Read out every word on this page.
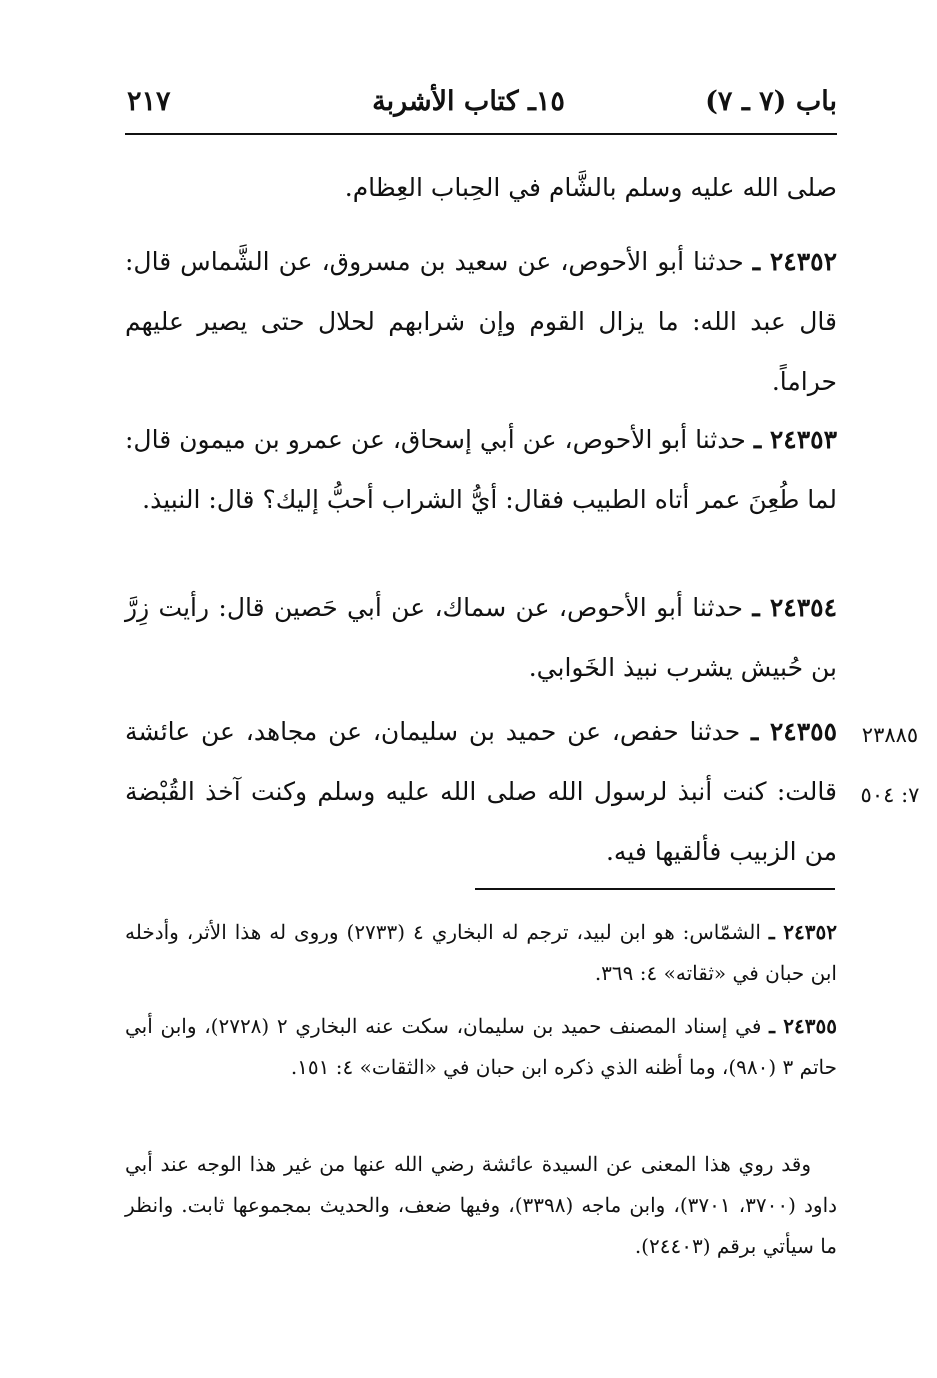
باب (٧ ـ ٧)
١٥ـ كتاب الأشربة
٢١٧
صلى الله عليه وسلم بالشَّام في الحِباب العِظام.
٢٤٣٥٢ ـ حدثنا أبو الأحوص، عن سعيد بن مسروق، عن الشَّماس قال: قال عبد الله: ما يزال القوم وإن شرابهم لحلال حتى يصير عليهم حراماً.
٢٤٣٥٣ ـ حدثنا أبو الأحوص، عن أبي إسحاق، عن عمرو بن ميمون قال: لما طُعِنَ عمر أتاه الطبيب فقال: أيُّ الشراب أحبُّ إليك؟ قال: النبيذ.
٢٤٣٥٤ ـ حدثنا أبو الأحوص، عن سماك، عن أبي حَصين قال: رأيت زِرَّ بن حُبيش يشرب نبيذ الخَوابي.
٢٤٣٥٥ ـ حدثنا حفص، عن حميد بن سليمان، عن مجاهد، عن عائشة قالت: كنت أنبذ لرسول الله صلى الله عليه وسلم وكنت آخذ القُبْضة من الزبيب فألقيها فيه.
٢٣٨٨٥
٧: ٥٠٤
٢٤٣٥٢ ـ الشمّاس: هو ابن لبيد، ترجم له البخاري ٤ (٢٧٣٣) وروى له هذا الأثر، وأدخله ابن حبان في «ثقاته» ٤: ٣٦٩.
٢٤٣٥٥ ـ في إسناد المصنف حميد بن سليمان، سكت عنه البخاري ٢ (٢٧٢٨)، وابن أبي حاتم ٣ (٩٨٠)، وما أظنه الذي ذكره ابن حبان في «الثقات» ٤: ١٥١.
وقد روي هذا المعنى عن السيدة عائشة رضي الله عنها من غير هذا الوجه عند أبي داود (٣٧٠٠، ٣٧٠١)، وابن ماجه (٣٣٩٨)، وفيها ضعف، والحديث بمجموعها ثابت. وانظر ما سيأتي برقم (٢٤٤٠٣).
